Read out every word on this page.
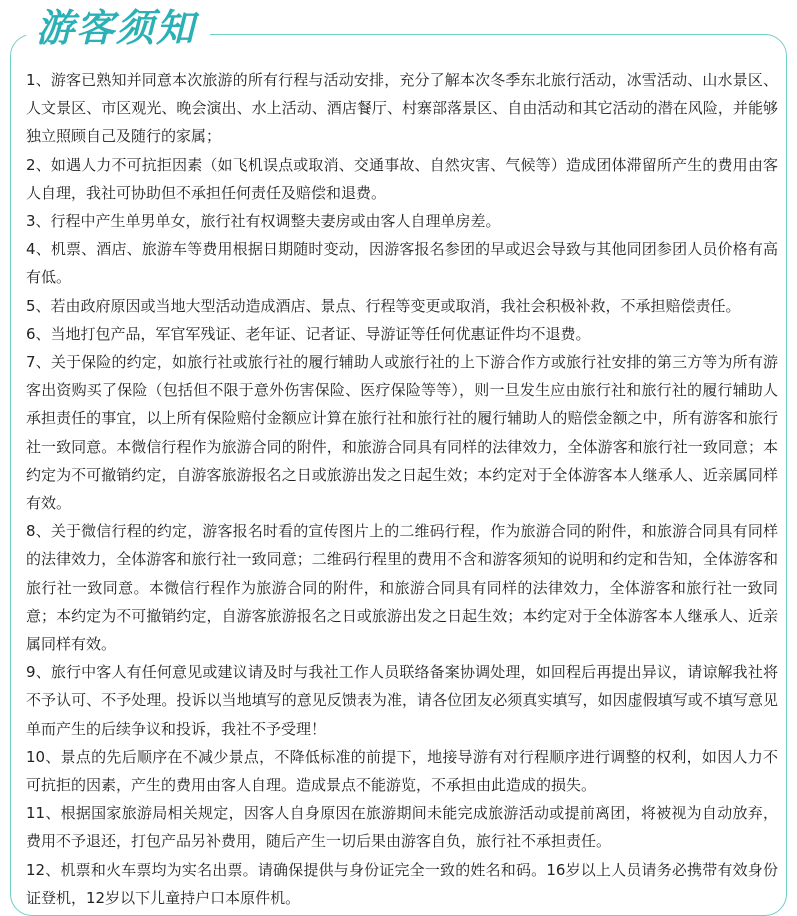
游客须知
1、游客已熟知并同意本次旅游的所有行程与活动安排，充分了解本次冬季东北旅行活动，冰雪活动、山水景区、人文景区、市区观光、晚会演出、水上活动、酒店餐厅、村寨部落景区、自由活动和其它活动的潜在风险，并能够独立照顾自己及随行的家属；
2、如遇人力不可抗拒因素（如飞机误点或取消、交通事故、自然灾害、气候等）造成团体滞留所产生的费用由客人自理，我社可协助但不承担任何责任及赔偿和退费。
3、行程中产生单男单女，旅行社有权调整夫妻房或由客人自理单房差。
4、机票、酒店、旅游车等费用根据日期随时变动，因游客报名参团的早或迟会导致与其他同团参团人员价格有高有低。
5、若由政府原因或当地大型活动造成酒店、景点、行程等变更或取消，我社会积极补救，不承担赔偿责任。
6、当地打包产品，军官军残证、老年证、记者证、导游证等任何优惠证件均不退费。
7、关于保险的约定，如旅行社或旅行社的履行辅助人或旅行社的上下游合作方或旅行社安排的第三方等为所有游客出资购买了保险（包括但不限于意外伤害保险、医疗保险等等），则一旦发生应由旅行社和旅行社的履行辅助人承担责任的事宜，以上所有保险赔付金额应计算在旅行社和旅行社的履行辅助人的赔偿金额之中，所有游客和旅行社一致同意。本微信行程作为旅游合同的附件，和旅游合同具有同样的法律效力，全体游客和旅行社一致同意；本约定为不可撤销约定，自游客旅游报名之日或旅游出发之日起生效；本约定对于全体游客本人继承人、近亲属同样有效。
8、关于微信行程的约定，游客报名时看的宣传图片上的二维码行程，作为旅游合同的附件，和旅游合同具有同样的法律效力，全体游客和旅行社一致同意；二维码行程里的费用不含和游客须知的说明和约定和告知，全体游客和旅行社一致同意。本微信行程作为旅游合同的附件，和旅游合同具有同样的法律效力，全体游客和旅行社一致同意；本约定为不可撤销约定，自游客旅游报名之日或旅游出发之日起生效；本约定对于全体游客本人继承人、近亲属同样有效。
9、旅行中客人有任何意见或建议请及时与我社工作人员联络备案协调处理，如回程后再提出异议，请谅解我社将不予认可、不予处理。投诉以当地填写的意见反馈表为准，请各位团友必须真实填写，如因虚假填写或不填写意见单而产生的后续争议和投诉，我社不予受理！
10、景点的先后顺序在不减少景点，不降低标准的前提下，地接导游有对行程顺序进行调整的权利，如因人力不可抗拒的因素，产生的费用由客人自理。造成景点不能游览，不承担由此造成的损失。
11、根据国家旅游局相关规定，因客人自身原因在旅游期间未能完成旅游活动或提前离团，将被视为自动放弃，费用不予退还，打包产品另补费用，随后产生一切后果由游客自负，旅行社不承担责任。
12、机票和火车票均为实名出票。请确保提供与身份证完全一致的姓名和码。16岁以上人员请务必携带有效身份证登机，12岁以下儿童持户口本原件机。
